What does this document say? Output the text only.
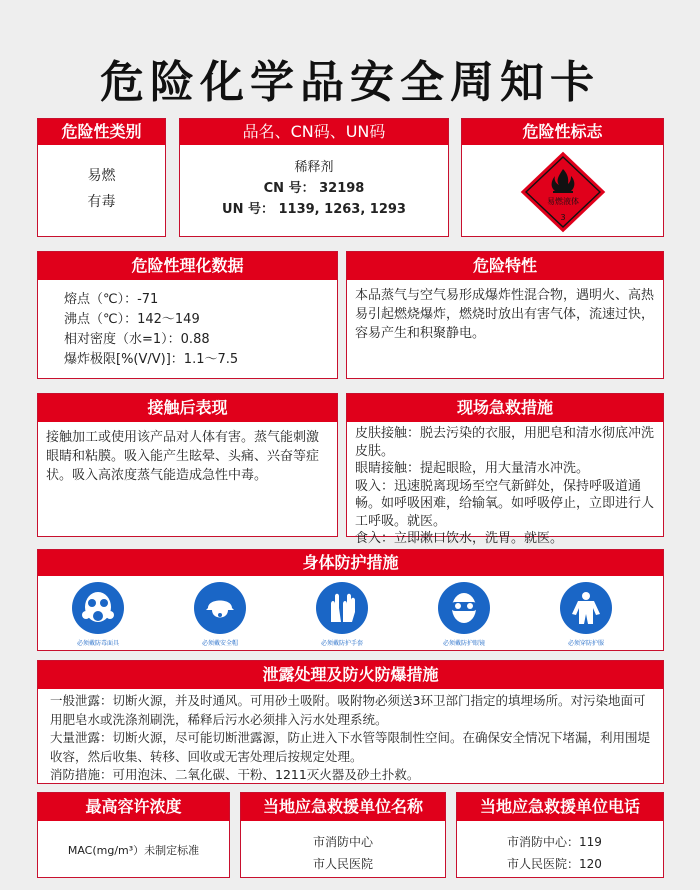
危险化学品安全周知卡
危险性类别
易燃
有毒
品名、CN码、UN码
稀释剂
CN 号： 32198
UN 号： 1139, 1263, 1293
危险性标志
易燃液体
3
危险性理化数据
熔点（℃）：-71
沸点（℃）：142～149
相对密度（水=1）：0.88
爆炸极限[%(V/V)]：1.1～7.5
危险特性
本品蒸气与空气易形成爆炸性混合物，遇明火、高热易引起燃烧爆炸，燃烧时放出有害气体，流速过快，容易产生和积聚静电。
接触后表现
接触加工或使用该产品对人体有害。蒸气能刺激眼睛和粘膜。吸入能产生眩晕、头痛、兴奋等症状。吸入高浓度蒸气能造成急性中毒。
现场急救措施
皮肤接触：脱去污染的衣服，用肥皂和清水彻底冲洗皮肤。
眼睛接触：提起眼睑，用大量清水冲洗。
吸入：迅速脱离现场至空气新鲜处，保持呼吸道通畅。如呼吸困难，给输氧。如呼吸停止，立即进行人工呼吸。就医。
食入：立即漱口饮水，洗胃。就医。
身体防护措施
必须戴防毒面具	必须戴安全帽	必须戴防护手套	必须戴防护眼镜	必须穿防护服
泄露处理及防火防爆措施
一般泄露：切断火源，并及时通风。可用砂土吸附。吸附物必须送3环卫部门指定的填埋场所。对污染地面可用肥皂水或洗涤剂刷洗，稀释后污水必须排入污水处理系统。
大量泄露：切断火源，尽可能切断泄露源，防止进入下水管等限制性空间。在确保安全情况下堵漏，利用围堤收容，然后收集、转移、回收或无害处理后按规定处理。
消防措施：可用泡沫、二氧化碳、干粉、1211灭火器及砂土扑救。
最高容许浓度
MAC(mg/m³）未制定标准
当地应急救援单位名称
市消防中心
市人民医院
当地应急救援单位电话
市消防中心：119
市人民医院：120
